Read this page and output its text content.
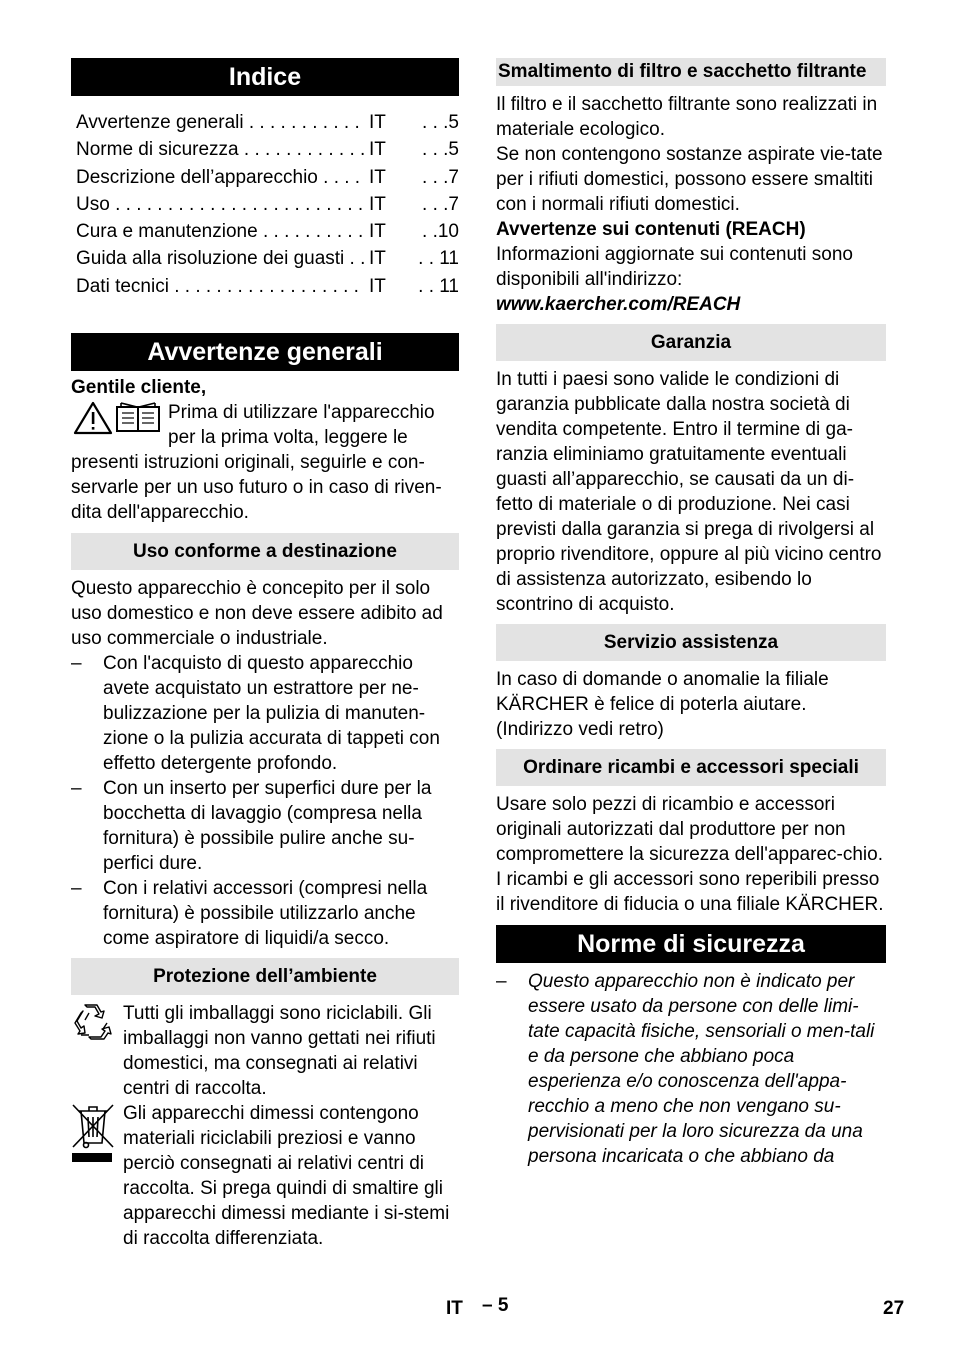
Indice
Avvertenze generali . . .	IT	. . .5
Norme di sicurezza . . .	IT	. . .5
Descrizione dell’apparecchio . . .	IT	. . .7
Uso . . .	IT	. . .7
Cura e manutenzione . . .	IT	. .10
Guida alla risoluzione dei guasti . . .	IT	. . 11
Dati tecnici . . .	IT	. . 11
Avvertenze generali

Gentile cliente,

Prima di utilizzare l'apparecchio

per la prima volta, leggere le

presenti istruzioni originali, seguirle e con-

servarle per un uso futuro o in caso di riven-

dita dell'apparecchio.

Uso conforme a destinazione

Questo apparecchio è concepito per il solo uso domestico e non deve essere adibito ad uso commerciale o industriale.

–	Con l'acquisto di questo apparecchio avete acquistato un estrattore per ne-bulizzazione per la pulizia di manuten-zione o la pulizia accurata di tappeti con effetto detergente profondo.
–	Con un inserto per superfici dure per la bocchetta di lavaggio (compresa nella fornitura) è possibile pulire anche su-perfici dure.
–	Con i relativi accessori (compresi nella fornitura) è possibile utilizzarlo anche come aspiratore di liquidi/a secco.
Protezione dell’ambiente

Tutti gli imballaggi sono riciclabili. Gli imballaggi non vanno gettati nei rifiuti domestici, ma consegnati ai relativi centri di raccolta.

Gli apparecchi dimessi contengono materiali riciclabili preziosi e vanno perciò consegnati ai relativi centri di raccolta. Si prega quindi di smaltire gli apparecchi dimessi mediante i si-stemi di raccolta differenziata.

Smaltimento di filtro e sacchetto filtrante

Il filtro e il sacchetto filtrante sono realizzati in materiale ecologico.

Se non contengono sostanze aspirate vie-tate per i rifiuti domestici, possono essere smaltiti con i normali rifiuti domestici.

Avvertenze sui contenuti (REACH)

Informazioni aggiornate sui contenuti sono disponibili all'indirizzo:

www.kaercher.com/REACH

Garanzia

In tutti i paesi sono valide le condizioni di garanzia pubblicate dalla nostra società di vendita competente. Entro il termine di ga-ranzia eliminiamo gratuitamente eventuali guasti all’apparecchio, se causati da un di-fetto di materiale o di produzione. Nei casi previsti dalla garanzia si prega di rivolgersi al proprio rivenditore, oppure al più vicino centro di assistenza autorizzato, esibendo lo scontrino di acquisto.

Servizio assistenza

In caso di domande o anomalie la filiale KÄRCHER è felice di poterla aiutare. (Indirizzo vedi retro)

Ordinare ricambi e accessori speciali

Usare solo pezzi di ricambio e accessori originali autorizzati dal produttore per non compromettere la sicurezza dell'apparec-chio.

I ricambi e gli accessori sono reperibili presso il rivenditore di fiducia o una filiale KÄRCHER.

Norme di sicurezza
–	Questo apparecchio non è indicato per essere usato da persone con delle limi-tate capacità fisiche, sensoriali o men-tali e da persone che abbiano poca esperienza e/o conoscenza dell'appa-recchio a meno che non vengano su-pervisionati per la loro sicurezza da una persona incaricata o che abbiano da
IT – 5	27
